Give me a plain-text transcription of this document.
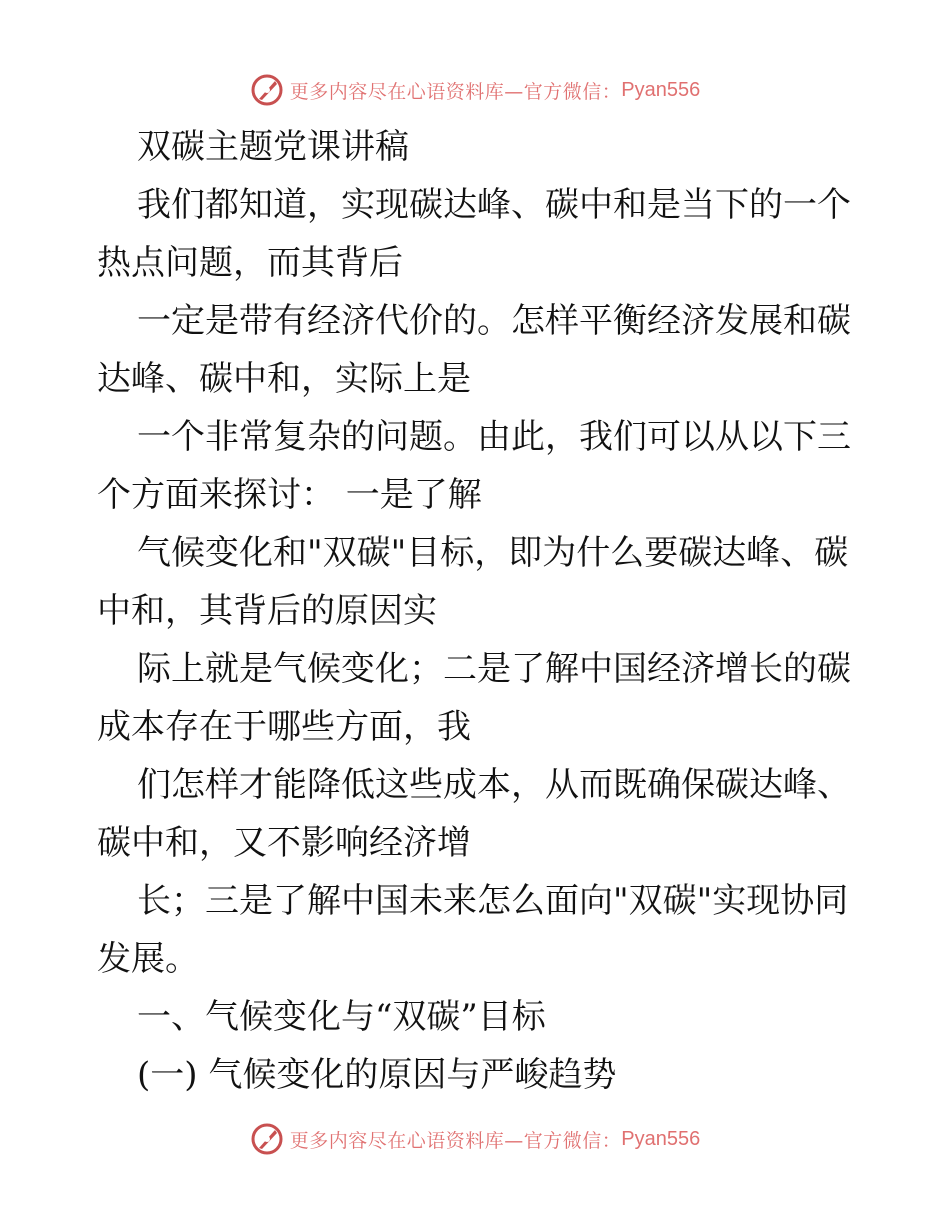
更多内容尽在心语资料库—官方微信： Pyan556
双碳主题党课讲稿
我们都知道，实现碳达峰、碳中和是当下的一个
热点问题，而其背后
一定是带有经济代价的。怎样平衡经济发展和碳
达峰、碳中和，实际上是
一个非常复杂的问题。由此，我们可以从以下三
个方面来探讨： 一是了解
气候变化和"双碳"目标，即为什么要碳达峰、碳
中和，其背后的原因实
际上就是气候变化；二是了解中国经济增长的碳
成本存在于哪些方面，我
们怎样才能降低这些成本，从而既确保碳达峰、
碳中和，又不影响经济增
长；三是了解中国未来怎么面向"双碳"实现协同
发展。
一、气候变化与“双碳”目标
(一) 气候变化的原因与严峻趋势
更多内容尽在心语资料库—官方微信： Pyan556
